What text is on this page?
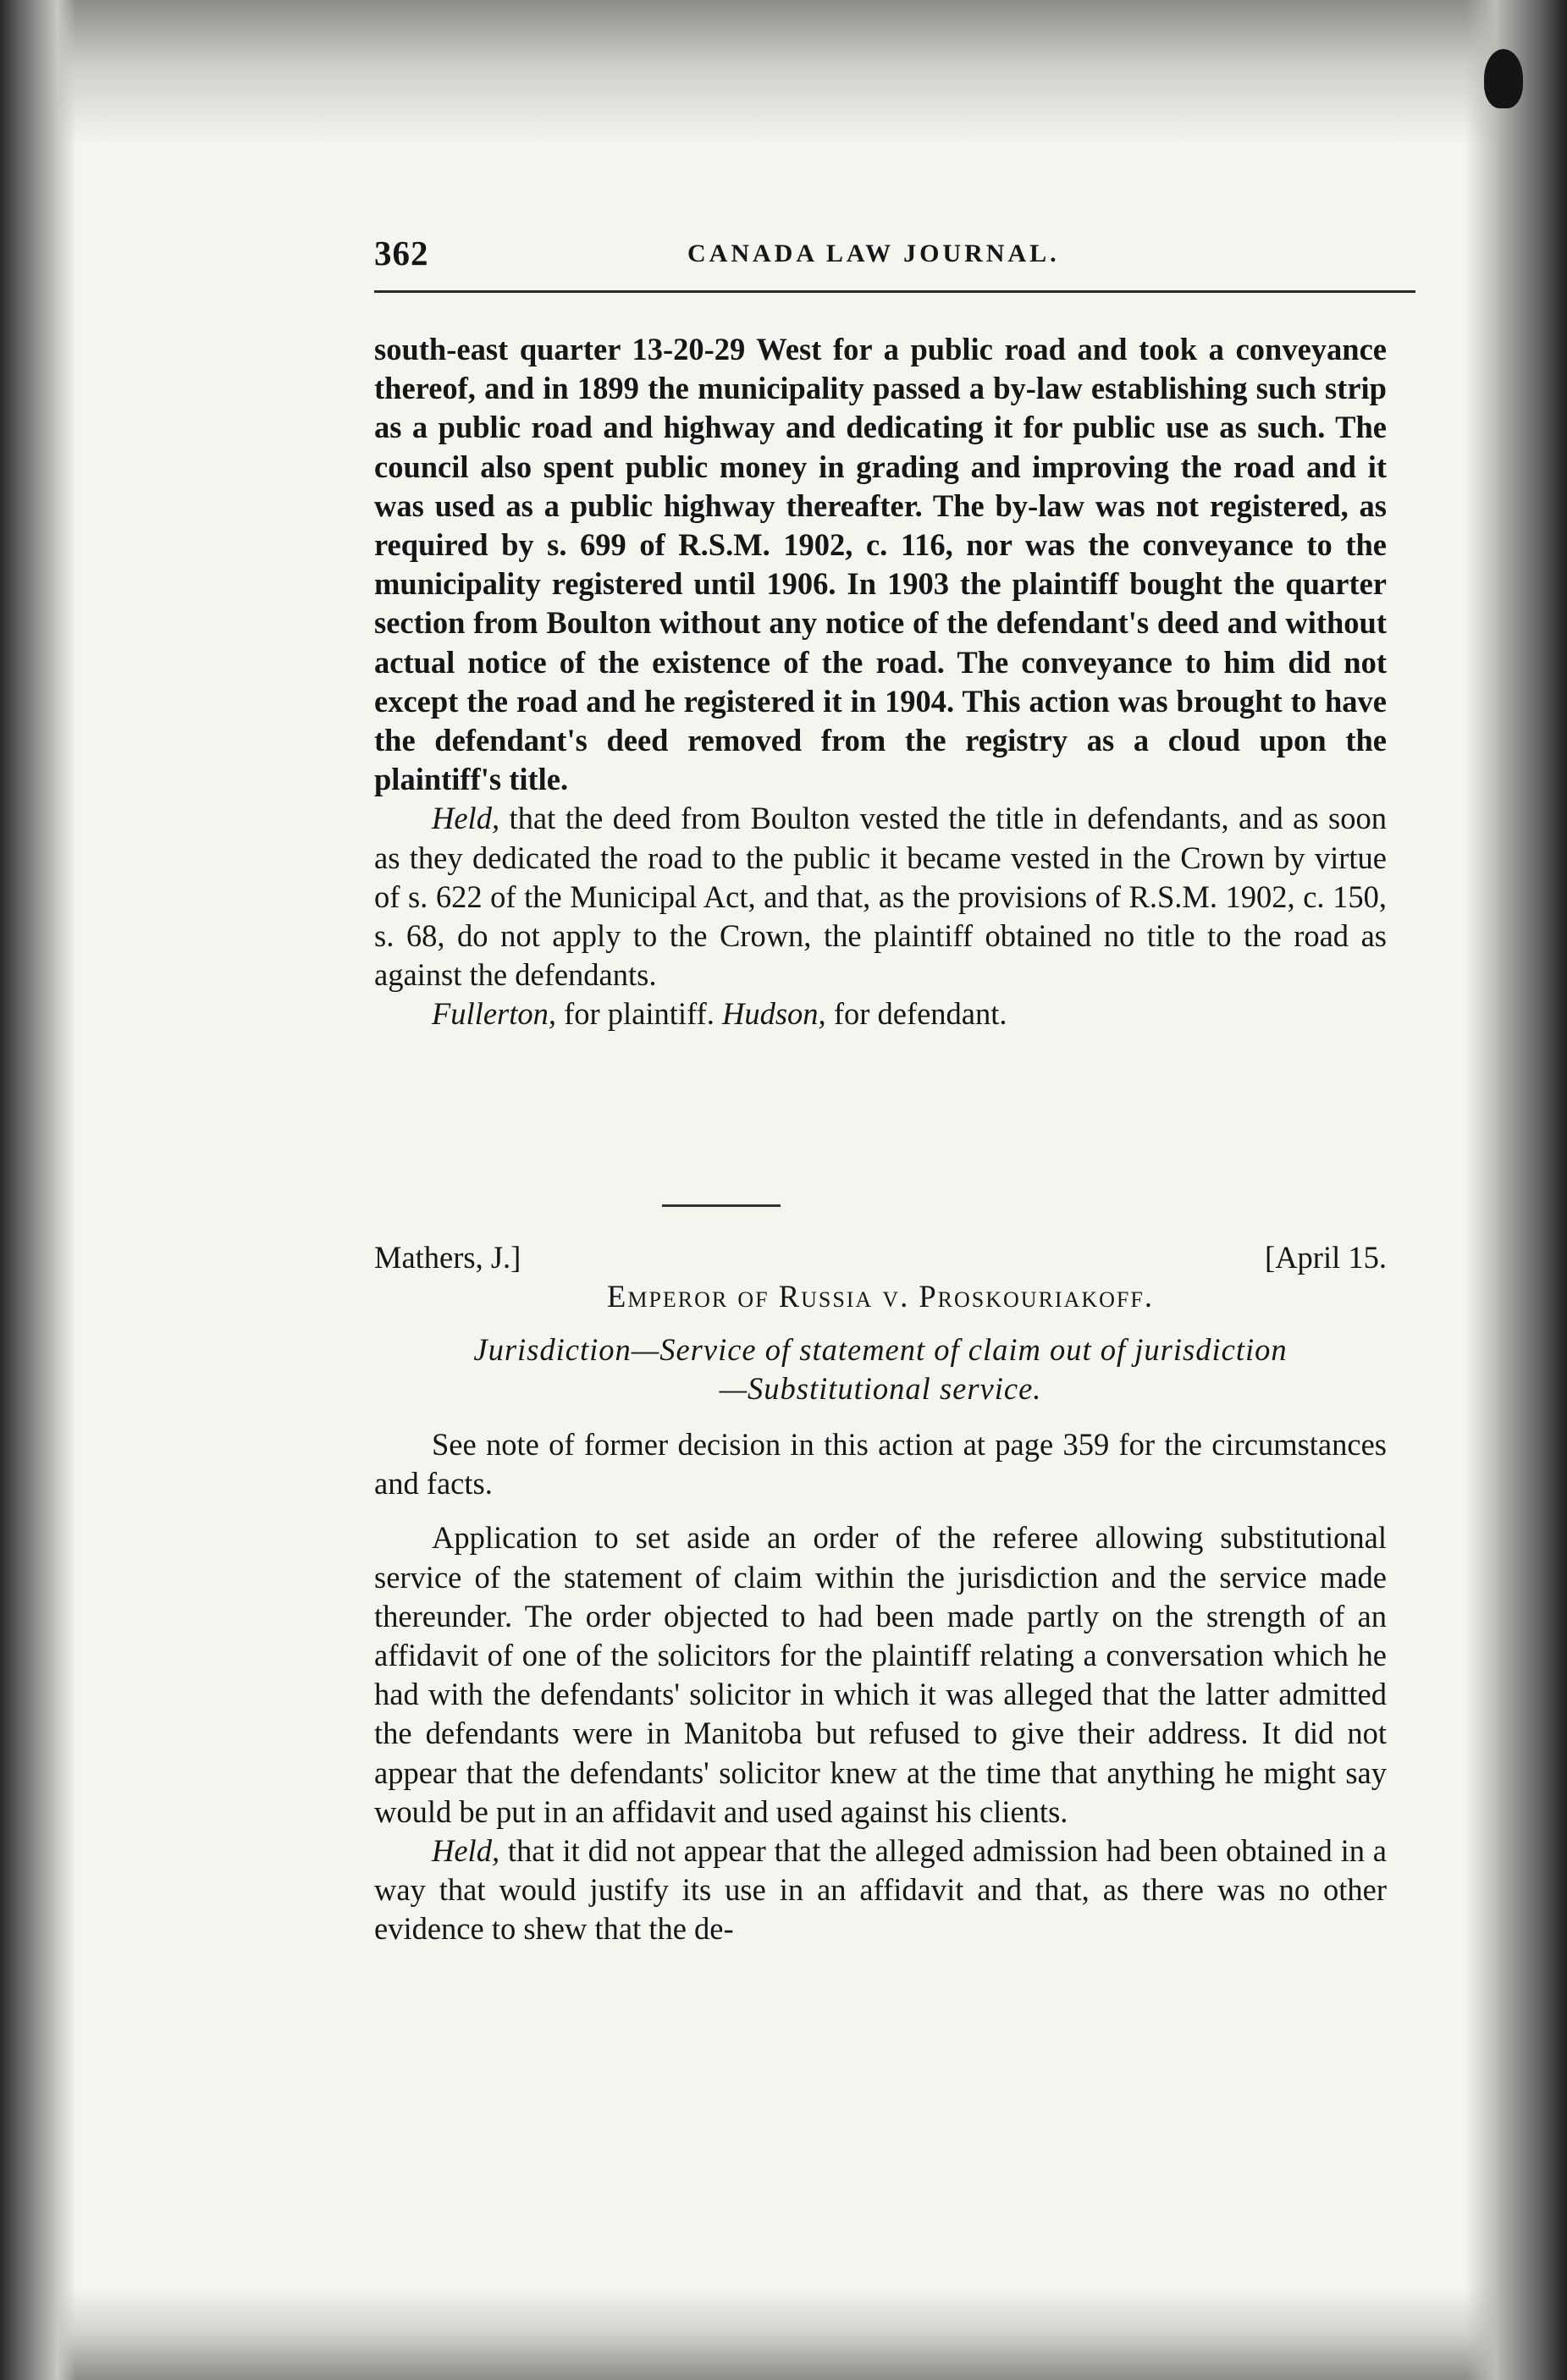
362	CANADA LAW JOURNAL.

south-east quarter 13-20-29 West for a public road and took a conveyance thereof, and in 1899 the municipality passed a by-law establishing such strip as a public road and highway and dedicating it for public use as such. The council also spent public money in grading and improving the road and it was used as a public highway thereafter. The by-law was not registered, as required by s. 699 of R.S.M. 1902, c. 116, nor was the conveyance to the municipality registered until 1906. In 1903 the plaintiff bought the quarter section from Boulton without any notice of the defendant's deed and without actual notice of the existence of the road. The conveyance to him did not except the road and he registered it in 1904. This action was brought to have the defendant's deed removed from the registry as a cloud upon the plaintiff's title.

Held, that the deed from Boulton vested the title in defendants, and as soon as they dedicated the road to the public it became vested in the Crown by virtue of s. 622 of the Municipal Act, and that, as the provisions of R.S.M. 1902, c. 150, s. 68, do not apply to the Crown, the plaintiff obtained no title to the road as against the defendants.

Fullerton, for plaintiff. Hudson, for defendant.

Mathers, J.]	[April 15.
Emperor of Russia v. Proskouriakoff.
Jurisdiction—Service of statement of claim out of jurisdiction
—Substitutional service.

See note of former decision in this action at page 359 for the circumstances and facts.

Application to set aside an order of the referee allowing substitutional service of the statement of claim within the jurisdiction and the service made thereunder. The order objected to had been made partly on the strength of an affidavit of one of the solicitors for the plaintiff relating a conversation which he had with the defendants' solicitor in which it was alleged that the latter admitted the defendants were in Manitoba but refused to give their address. It did not appear that the defendants' solicitor knew at the time that anything he might say would be put in an affidavit and used against his clients.

Held, that it did not appear that the alleged admission had been obtained in a way that would justify its use in an affidavit and that, as there was no other evidence to shew that the de-
